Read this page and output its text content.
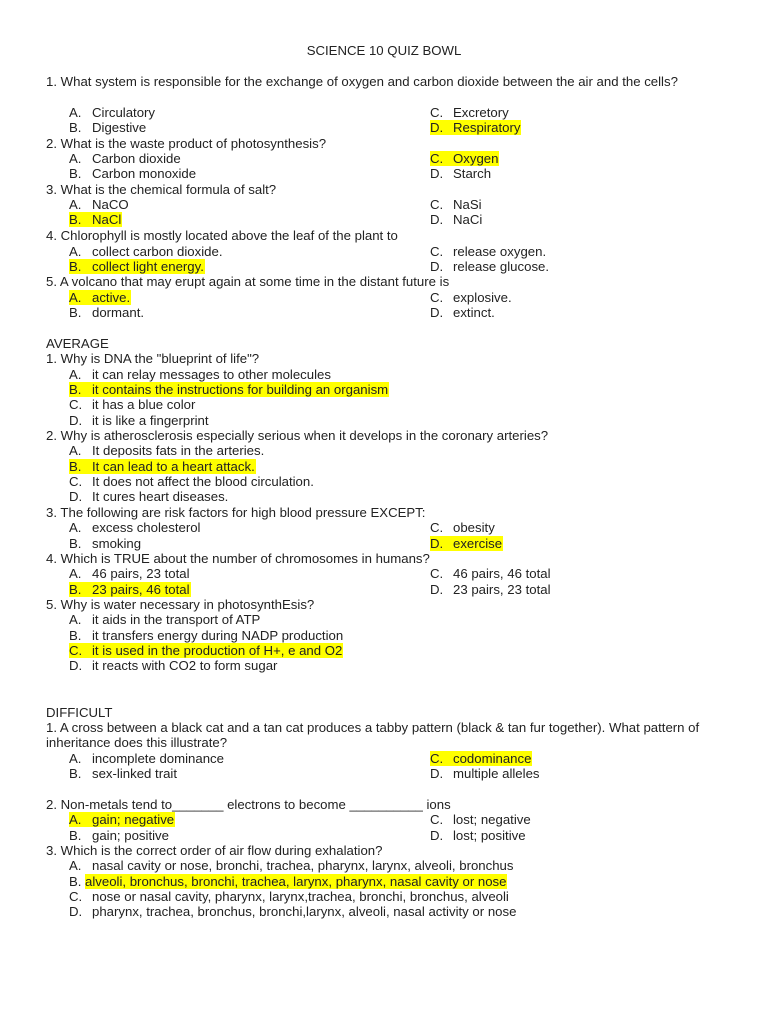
SCIENCE 10 QUIZ BOWL
1. What system is responsible for the exchange of oxygen and carbon dioxide between the air and the cells?
A. Circulatory
B. Digestive
C. Excretory
D. Respiratory
2. What is the waste product of photosynthesis?
A. Carbon dioxide
B. Carbon monoxide
C. Oxygen
D. Starch
3. What is the chemical formula of salt?
A. NaCO
B. NaCl
C. NaSi
D. NaCi
4. Chlorophyll is mostly located above the leaf of the plant to
A. collect carbon dioxide.
B. collect light energy.
C. release oxygen.
D. release glucose.
5. A volcano that may erupt again at some time in the distant future is
A. active.
B. dormant.
C. explosive.
D. extinct.
AVERAGE
1. Why is DNA the "blueprint of life"?
A. it can relay messages to other molecules
B. it contains the instructions for building an organism
C. it has a blue color
D. it is like a fingerprint
2. Why is atherosclerosis especially serious when it develops in the coronary arteries?
A. It deposits fats in the arteries.
B. It can lead to a heart attack.
C. It does not affect the blood circulation.
D. It cures heart diseases.
3. The following are risk factors for high blood pressure EXCEPT:
A. excess cholesterol
B. smoking
C. obesity
D. exercise
4. Which is TRUE about the number of chromosomes in humans?
A. 46 pairs, 23 total
B. 23 pairs, 46 total
C. 46 pairs, 46 total
D. 23 pairs, 23 total
5. Why is water necessary in photosynthEsis?
A. it aids in the transport of ATP
B. it transfers energy during NADP production
C. it is used in the production of H+, e and O2
D. it reacts with CO2 to form sugar
DIFFICULT
1. A cross between a black cat and a tan cat produces a tabby pattern (black & tan fur together). What pattern of inheritance does this illustrate?
A. incomplete dominance
B. sex-linked trait
C. codominance
D. multiple alleles
2. Non-metals tend to_______ electrons to become __________ ions
A. gain; negative
B. gain; positive
C. lost; negative
D. lost; positive
3. Which is the correct order of air flow during exhalation?
A. nasal cavity or nose, bronchi, trachea, pharynx, larynx, alveoli, bronchus
B. alveoli, bronchus, bronchi, trachea, larynx, pharynx, nasal cavity or nose
C. nose or nasal cavity, pharynx, larynx,trachea, bronchi, bronchus, alveoli
D. pharynx, trachea, bronchus, bronchi,larynx, alveoli, nasal activity or nose
